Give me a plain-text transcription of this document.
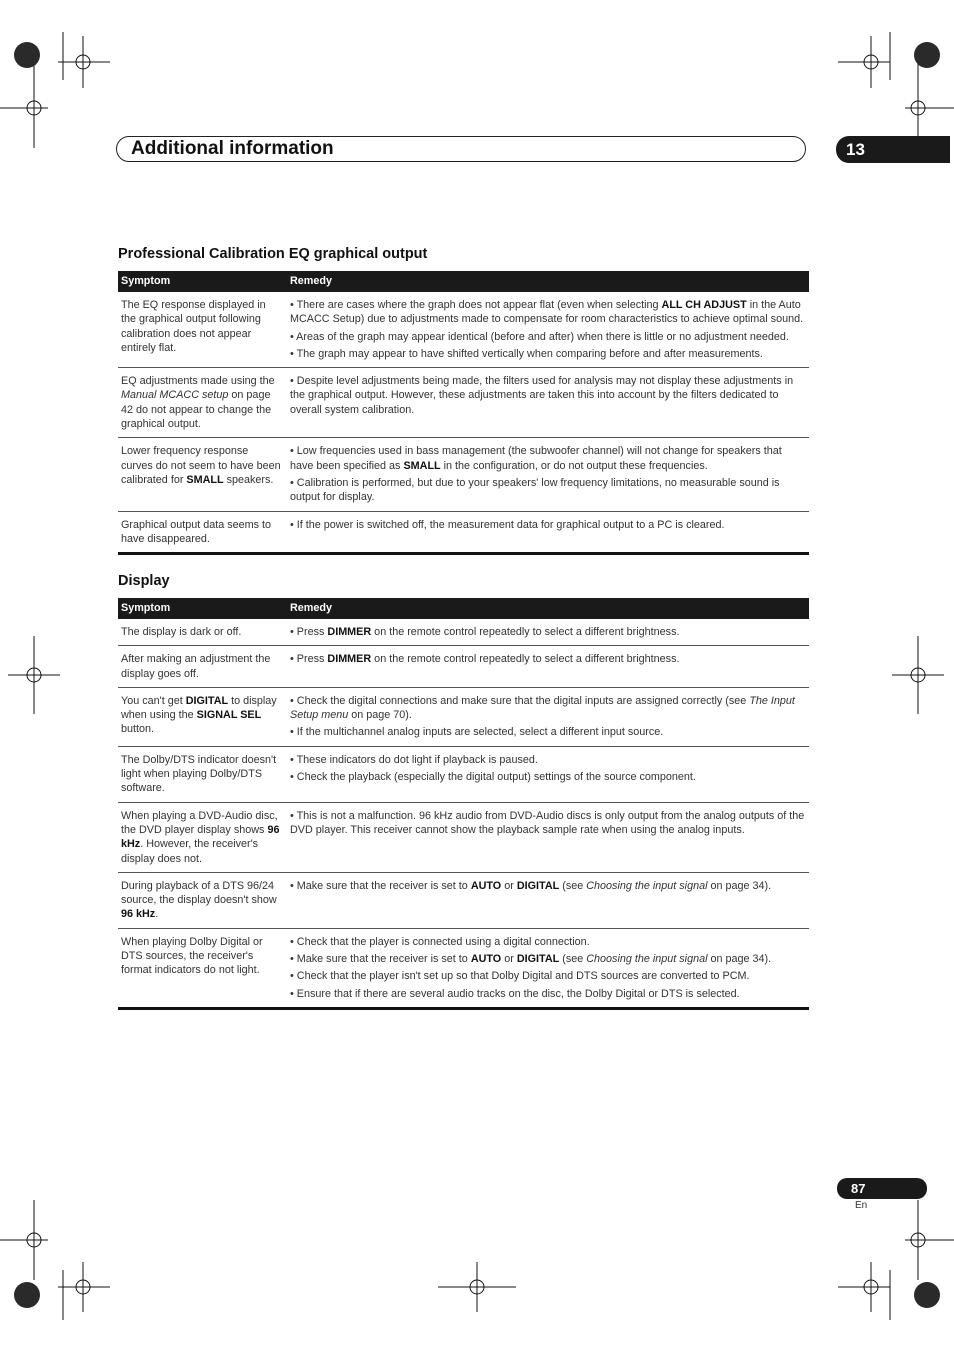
Additional information	13
Professional Calibration EQ graphical output
Symptom	Remedy
The EQ response displayed in the graphical output following calibration does not appear entirely flat.	• There are cases where the graph does not appear flat (even when selecting ALL CH ADJUST in the Auto MCACC Setup) due to adjustments made to compensate for room characteristics to achieve optimal sound.

• Areas of the graph may appear identical (before and after) when there is little or no adjustment needed.

• The graph may appear to have shifted vertically when comparing before and after measurements.

EQ adjustments made using the Manual MCACC setup on page 42 do not appear to change the graphical output.	• Despite level adjustments being made, the filters used for analysis may not display these adjustments in the graphical output. However, these adjustments are taken this into account by the filters dedicated to overall system calibration.

Lower frequency response curves do not seem to have been calibrated for SMALL speakers.	• Low frequencies used in bass management (the subwoofer channel) will not change for speakers that have been specified as SMALL in the configuration, or do not output these frequencies.

• Calibration is performed, but due to your speakers' low frequency limitations, no measurable sound is output for display.

Graphical output data seems to have disappeared.	• If the power is switched off, the measurement data for graphical output to a PC is cleared.

Display
Symptom	Remedy
The display is dark or off.	• Press DIMMER on the remote control repeatedly to select a different brightness.

After making an adjustment the display goes off.	• Press DIMMER on the remote control repeatedly to select a different brightness.

You can't get DIGITAL to display when using the SIGNAL SEL button.	• Check the digital connections and make sure that the digital inputs are assigned correctly (see The Input Setup menu on page 70).

• If the multichannel analog inputs are selected, select a different input source.

The Dolby/DTS indicator doesn't light when playing Dolby/DTS software.	• These indicators do dot light if playback is paused.

• Check the playback (especially the digital output) settings of the source component.

When playing a DVD-Audio disc, the DVD player display shows 96 kHz. However, the receiver's display does not.	• This is not a malfunction. 96 kHz audio from DVD-Audio discs is only output from the analog outputs of the DVD player. This receiver cannot show the playback sample rate when using the analog inputs.

During playback of a DTS 96/24 source, the display doesn't show 96 kHz.	• Make sure that the receiver is set to AUTO or DIGITAL (see Choosing the input signal on page 34).

When playing Dolby Digital or DTS sources, the receiver's format indicators do not light.	• Check that the player is connected using a digital connection.

• Make sure that the receiver is set to AUTO or DIGITAL (see Choosing the input signal on page 34).

• Check that the player isn't set up so that Dolby Digital and DTS sources are converted to PCM.

• Ensure that if there are several audio tracks on the disc, the Dolby Digital or DTS is selected.

87
En
